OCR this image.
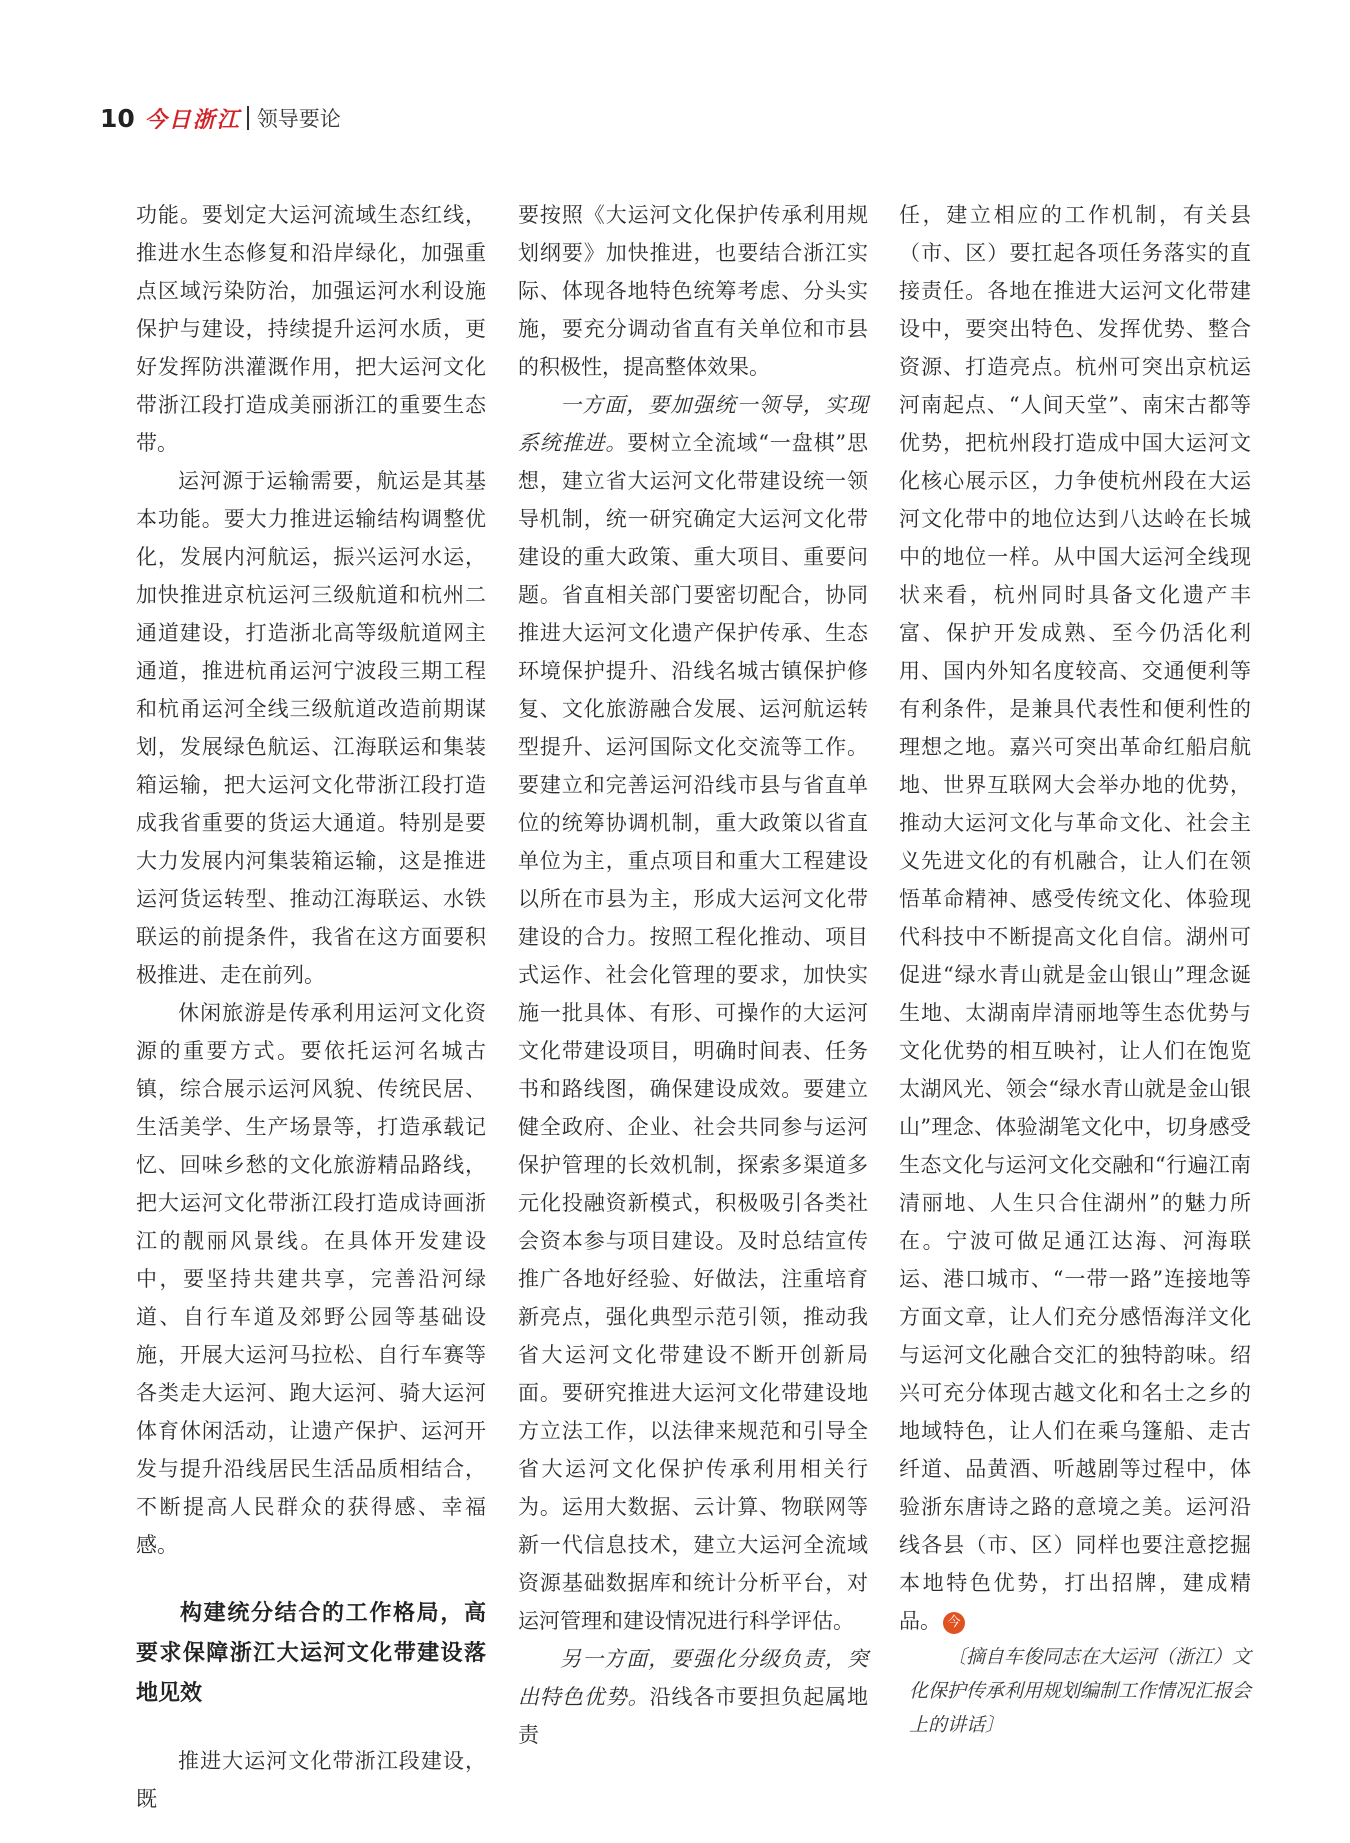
10 今日浙江 领导要论

功能。要划定大运河流域生态红线，推进水生态修复和沿岸绿化，加强重点区域污染防治，加强运河水利设施保护与建设，持续提升运河水质，更好发挥防洪灌溉作用，把大运河文化带浙江段打造成美丽浙江的重要生态带。

运河源于运输需要，航运是其基本功能。要大力推进运输结构调整优化，发展内河航运，振兴运河水运，加快推进京杭运河三级航道和杭州二通道建设，打造浙北高等级航道网主通道，推进杭甬运河宁波段三期工程和杭甬运河全线三级航道改造前期谋划，发展绿色航运、江海联运和集装箱运输，把大运河文化带浙江段打造成我省重要的货运大通道。特别是要大力发展内河集装箱运输，这是推进运河货运转型、推动江海联运、水铁联运的前提条件，我省在这方面要积极推进、走在前列。

休闲旅游是传承利用运河文化资源的重要方式。要依托运河名城古镇，综合展示运河风貌、传统民居、生活美学、生产场景等，打造承载记忆、回味乡愁的文化旅游精品路线，把大运河文化带浙江段打造成诗画浙江的靓丽风景线。在具体开发建设中，要坚持共建共享，完善沿河绿道、自行车道及郊野公园等基础设施，开展大运河马拉松、自行车赛等各类走大运河、跑大运河、骑大运河体育休闲活动，让遗产保护、运河开发与提升沿线居民生活品质相结合，不断提高人民群众的获得感、幸福感。

构建统分结合的工作格局，高要求保障浙江大运河文化带建设落地见效

推进大运河文化带浙江段建设，既

要按照《大运河文化保护传承利用规划纲要》加快推进，也要结合浙江实际、体现各地特色统筹考虑、分头实施，要充分调动省直有关单位和市县的积极性，提高整体效果。

一方面，要加强统一领导，实现系统推进。要树立全流域“一盘棋”思想，建立省大运河文化带建设统一领导机制，统一研究确定大运河文化带建设的重大政策、重大项目、重要问题。省直相关部门要密切配合，协同推进大运河文化遗产保护传承、生态环境保护提升、沿线名城古镇保护修复、文化旅游融合发展、运河航运转型提升、运河国际文化交流等工作。要建立和完善运河沿线市县与省直单位的统筹协调机制，重大政策以省直单位为主，重点项目和重大工程建设以所在市县为主，形成大运河文化带建设的合力。按照工程化推动、项目式运作、社会化管理的要求，加快实施一批具体、有形、可操作的大运河文化带建设项目，明确时间表、任务书和路线图，确保建设成效。要建立健全政府、企业、社会共同参与运河保护管理的长效机制，探索多渠道多元化投融资新模式，积极吸引各类社会资本参与项目建设。及时总结宣传推广各地好经验、好做法，注重培育新亮点，强化典型示范引领，推动我省大运河文化带建设不断开创新局面。要研究推进大运河文化带建设地方立法工作，以法律来规范和引导全省大运河文化保护传承利用相关行为。运用大数据、云计算、物联网等新一代信息技术，建立大运河全流域资源基础数据库和统计分析平台，对运河管理和建设情况进行科学评估。

另一方面，要强化分级负责，突出特色优势。沿线各市要担负起属地责

任，建立相应的工作机制，有关县（市、区）要扛起各项任务落实的直接责任。各地在推进大运河文化带建设中，要突出特色、发挥优势、整合资源、打造亮点。杭州可突出京杭运河南起点、“人间天堂”、南宋古都等优势，把杭州段打造成中国大运河文化核心展示区，力争使杭州段在大运河文化带中的地位达到八达岭在长城中的地位一样。从中国大运河全线现状来看，杭州同时具备文化遗产丰富、保护开发成熟、至今仍活化利用、国内外知名度较高、交通便利等有利条件，是兼具代表性和便利性的理想之地。嘉兴可突出革命红船启航地、世界互联网大会举办地的优势，推动大运河文化与革命文化、社会主义先进文化的有机融合，让人们在领悟革命精神、感受传统文化、体验现代科技中不断提高文化自信。湖州可促进“绿水青山就是金山银山”理念诞生地、太湖南岸清丽地等生态优势与文化优势的相互映衬，让人们在饱览太湖风光、领会“绿水青山就是金山银山”理念、体验湖笔文化中，切身感受生态文化与运河文化交融和“行遍江南清丽地、人生只合住湖州”的魅力所在。宁波可做足通江达海、河海联运、港口城市、“一带一路”连接地等方面文章，让人们充分感悟海洋文化与运河文化融合交汇的独特韵味。绍兴可充分体现古越文化和名士之乡的地域特色，让人们在乘乌篷船、走古纤道、品黄酒、听越剧等过程中，体验浙东唐诗之路的意境之美。运河沿线各县（市、区）同样也要注意挖掘本地特色优势，打出招牌，建成精品。 今

〔摘自车俊同志在大运河（浙江）文化保护传承利用规划编制工作情况汇报会上的讲话〕
